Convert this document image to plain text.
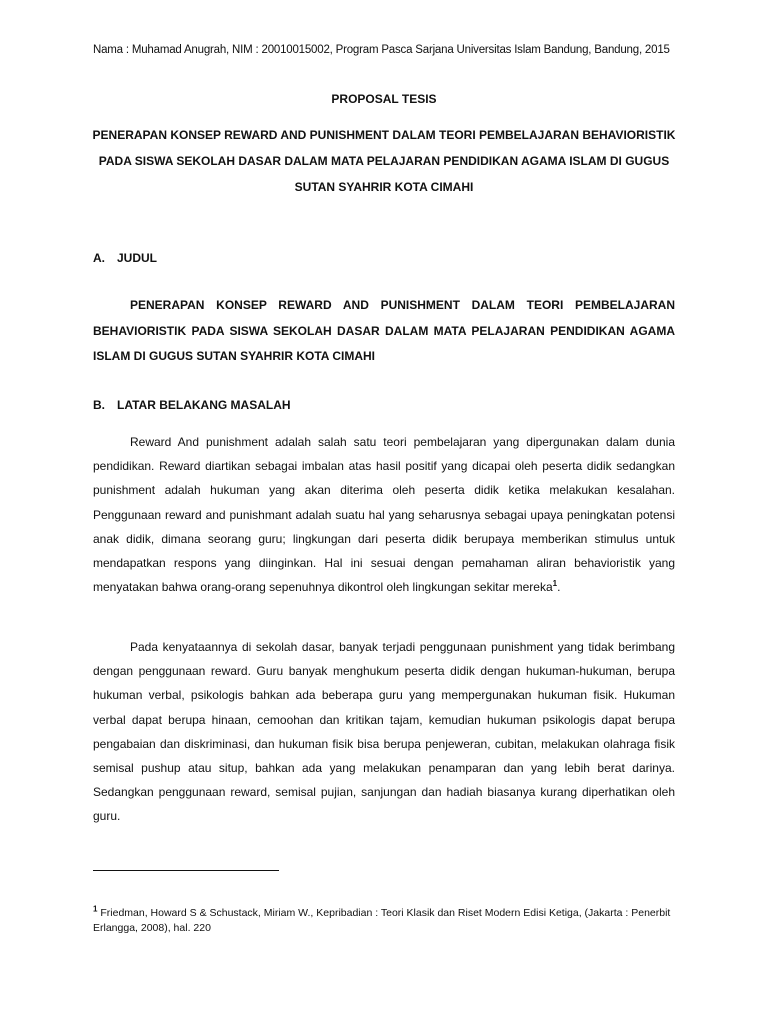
Nama : Muhamad Anugrah, NIM : 20010015002, Program Pasca Sarjana Universitas Islam Bandung, Bandung, 2015
PROPOSAL TESIS
PENERAPAN KONSEP REWARD AND PUNISHMENT DALAM TEORI PEMBELAJARAN BEHAVIORISTIK PADA SISWA SEKOLAH DASAR DALAM MATA PELAJARAN PENDIDIKAN AGAMA ISLAM DI GUGUS SUTAN SYAHRIR KOTA CIMAHI
A. JUDUL

PENERAPAN KONSEP REWARD AND PUNISHMENT DALAM TEORI PEMBELAJARAN BEHAVIORISTIK PADA SISWA SEKOLAH DASAR DALAM MATA PELAJARAN PENDIDIKAN AGAMA ISLAM DI GUGUS SUTAN SYAHRIR KOTA CIMAHI

B. LATAR BELAKANG MASALAH

Reward And punishment adalah salah satu teori pembelajaran yang dipergunakan dalam dunia pendidikan. Reward diartikan sebagai imbalan atas hasil positif yang dicapai oleh peserta didik sedangkan punishment adalah hukuman yang akan diterima oleh peserta didik ketika melakukan kesalahan. Penggunaan reward and punishmant adalah suatu hal yang seharusnya sebagai upaya peningkatan potensi anak didik, dimana seorang guru; lingkungan dari peserta didik berupaya memberikan stimulus untuk mendapatkan respons yang diinginkan. Hal ini sesuai dengan pemahaman aliran behavioristik yang menyatakan bahwa orang-orang sepenuhnya dikontrol oleh lingkungan sekitar mereka$^1$.

Pada kenyataannya di sekolah dasar, banyak terjadi penggunaan punishment yang tidak berimbang dengan penggunaan reward. Guru banyak menghukum peserta didik dengan hukuman-hukuman, berupa hukuman verbal, psikologis bahkan ada beberapa guru yang mempergunakan hukuman fisik. Hukuman verbal dapat berupa hinaan, cemoohan dan kritikan tajam, kemudian hukuman psikologis dapat berupa pengabaian dan diskriminasi, dan hukuman fisik bisa berupa penjeweran, cubitan, melakukan olahraga fisik semisal pushup atau situp, bahkan ada yang melakukan penamparan dan yang lebih berat darinya. Sedangkan penggunaan reward, semisal pujian, sanjungan dan hadiah biasanya kurang diperhatikan oleh guru.

$^1$ Friedman, Howard S & Schustack, Miriam W., Kepribadian : Teori Klasik dan Riset Modern Edisi Ketiga, (Jakarta : Penerbit Erlangga, 2008), hal. 220
